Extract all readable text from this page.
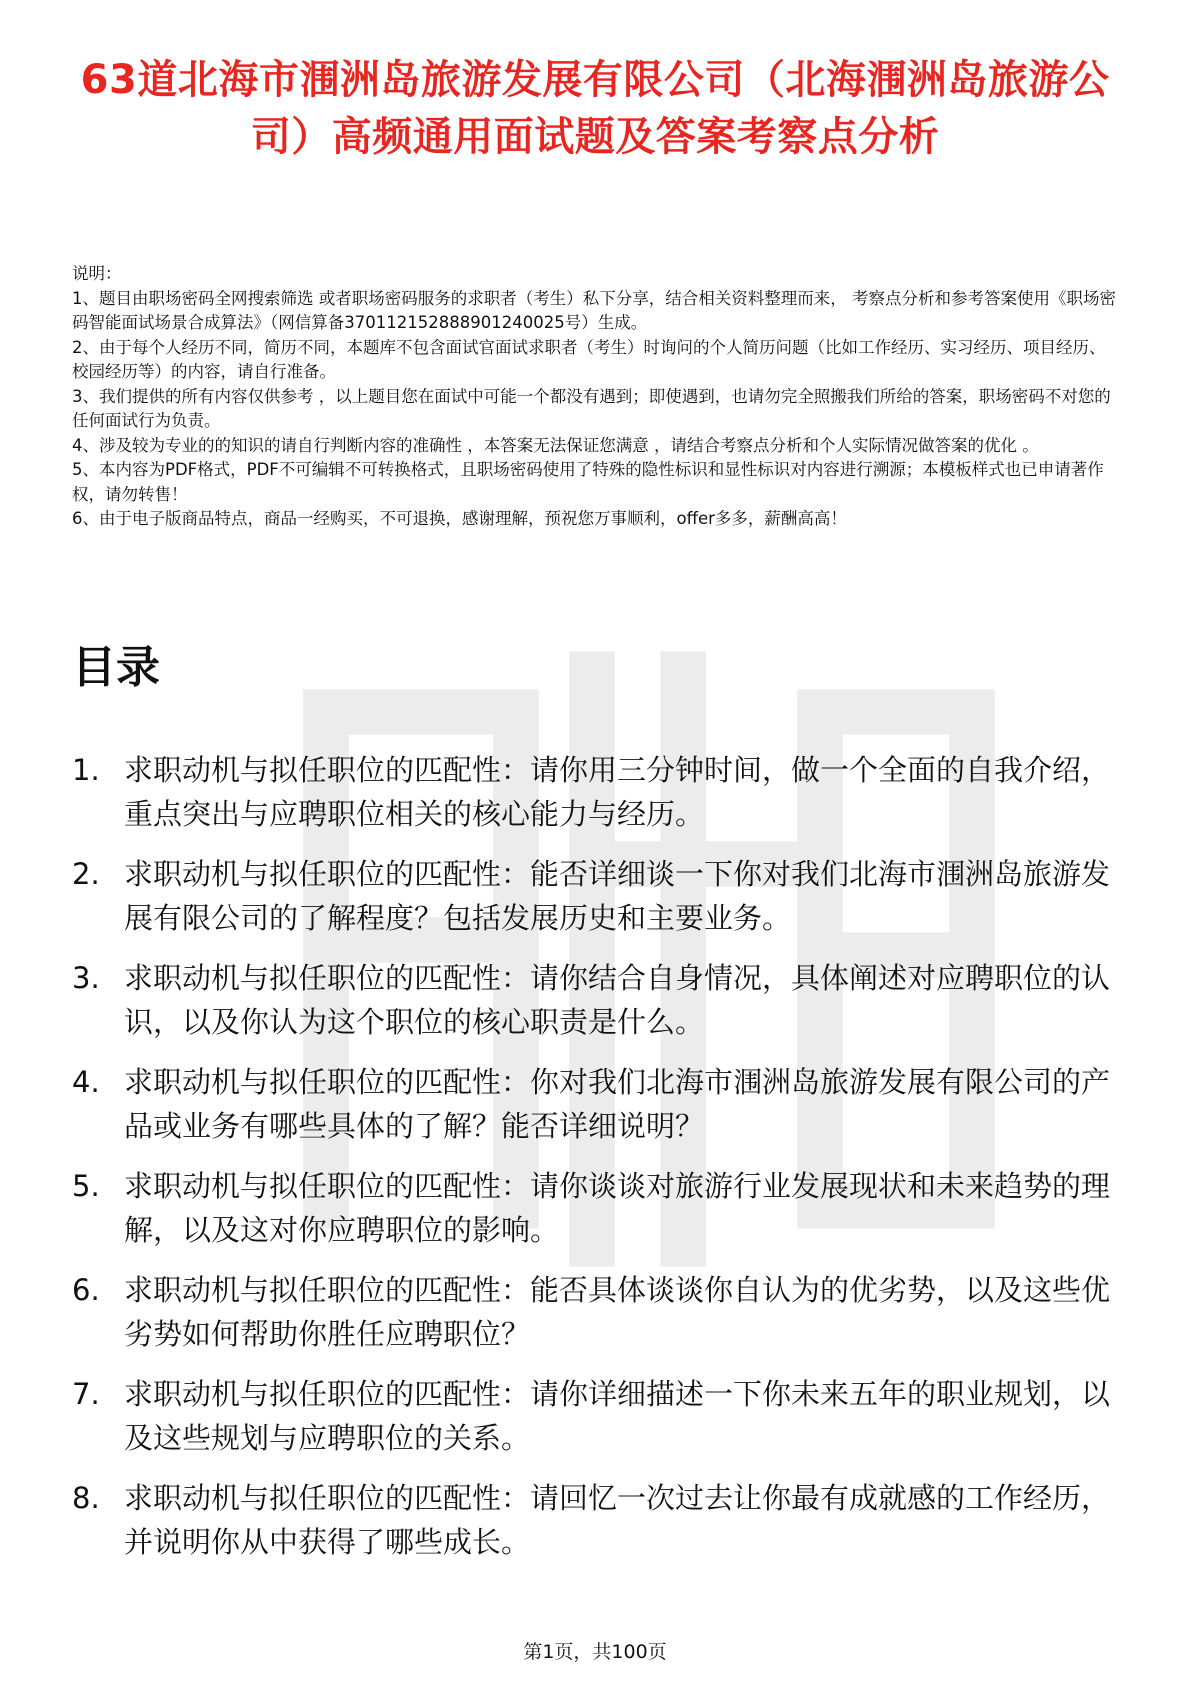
63道北海市涠洲岛旅游发展有限公司（北海涠洲岛旅游公司）高频通用面试题及答案考察点分析

说明：

1、题目由职场密码全网搜索筛选 或者职场密码服务的求职者（考生）私下分享，结合相关资料整理而来， 考察点分析和参考答案使用《职场密码智能面试场景合成算法》（网信算备370112152888901240025号）生成。

2、由于每个人经历不同，简历不同，本题库不包含面试官面试求职者（考生）时询问的个人简历问题（比如工作经历、实习经历、项目经历、校园经历等）的内容，请自行准备。

3、我们提供的所有内容仅供参考 ，以上题目您在面试中可能一个都没有遇到；即使遇到，也请勿完全照搬我们所给的答案，职场密码不对您的任何面试行为负责。

4、涉及较为专业的的知识的请自行判断内容的准确性 ，本答案无法保证您满意 ，请结合考察点分析和个人实际情况做答案的优化 。

5、本内容为PDF格式，PDF不可编辑不可转换格式，且职场密码使用了特殊的隐性标识和显性标识对内容进行溯源；本模板样式也已申请著作权，请勿转售！

6、由于电子版商品特点，商品一经购买，不可退换，感谢理解，预祝您万事顺利，offer多多，薪酬高高！

目录
1. 求职动机与拟任职位的匹配性：请你用三分钟时间，做一个全面的自我介绍，重点突出与应聘职位相关的核心能力与经历。
2. 求职动机与拟任职位的匹配性：能否详细谈一下你对我们北海市涠洲岛旅游发展有限公司的了解程度？包括发展历史和主要业务。
3. 求职动机与拟任职位的匹配性：请你结合自身情况，具体阐述对应聘职位的认识，以及你认为这个职位的核心职责是什么。
4. 求职动机与拟任职位的匹配性：你对我们北海市涠洲岛旅游发展有限公司的产品或业务有哪些具体的了解？能否详细说明？
5. 求职动机与拟任职位的匹配性：请你谈谈对旅游行业发展现状和未来趋势的理解，以及这对你应聘职位的影响。
6. 求职动机与拟任职位的匹配性：能否具体谈谈你自认为的优劣势，以及这些优劣势如何帮助你胜任应聘职位？
7. 求职动机与拟任职位的匹配性：请你详细描述一下你未来五年的职业规划，以及这些规划与应聘职位的关系。
8. 求职动机与拟任职位的匹配性：请回忆一次过去让你最有成就感的工作经历，并说明你从中获得了哪些成长。
第1页，共100页
